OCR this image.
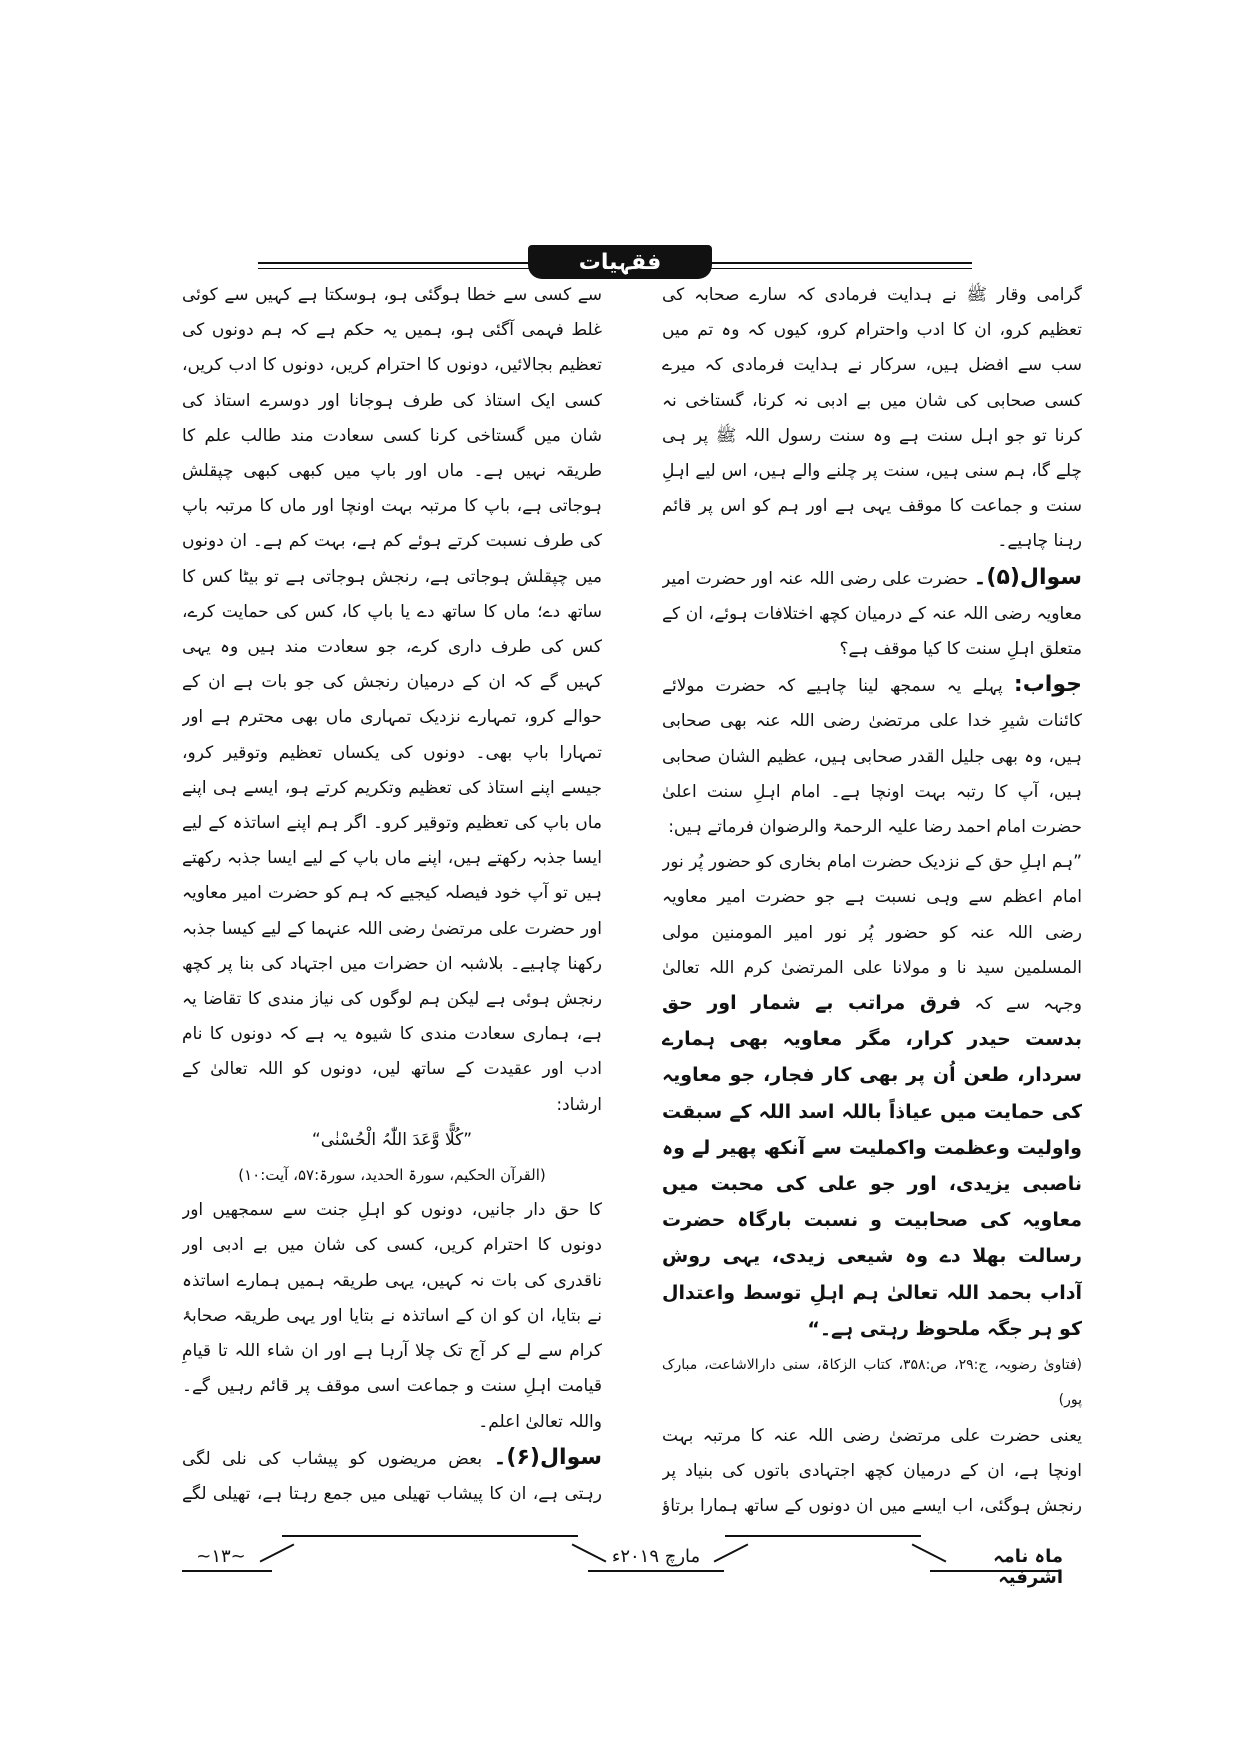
فقہیات

گرامی وقار ﷺ نے ہدایت فرمادی کہ سارے صحابہ کی تعظیم کرو، ان کا ادب واحترام کرو، کیوں کہ وہ تم میں سب سے افضل ہیں، سرکار نے ہدایت فرمادی کہ میرے کسی صحابی کی شان میں بے ادبی نہ کرنا، گستاخی نہ کرنا تو جو اہل سنت ہے وہ سنت رسول اللہ ﷺ پر ہی چلے گا، ہم سنی ہیں، سنت پر چلنے والے ہیں، اس لیے اہلِ سنت و جماعت کا موقف یہی ہے اور ہم کو اس پر قائم رہنا چاہیے۔

سوال(۵)۔ حضرت علی رضی اللہ عنہ اور حضرت امیر معاویہ رضی اللہ عنہ کے درمیان کچھ اختلافات ہوئے، ان کے متعلق اہلِ سنت کا کیا موقف ہے؟

جواب: پہلے یہ سمجھ لینا چاہیے کہ حضرت مولائے کائنات شیرِ خدا علی مرتضیٰ رضی اللہ عنہ بھی صحابی ہیں، وہ بھی جلیل القدر صحابی ہیں، عظیم الشان صحابی ہیں، آپ کا رتبہ بہت اونچا ہے۔ امام اہلِ سنت اعلیٰ حضرت امام احمد رضا علیہ الرحمۃ والرضوان فرماتے ہیں:

”ہم اہلِ حق کے نزدیک حضرت امام بخاری کو حضور پُر نور امام اعظم سے وہی نسبت ہے جو حضرت امیر معاویہ رضی اللہ عنہ کو حضور پُر نور امیر المومنین مولی المسلمین سید نا و مولانا علی المرتضیٰ کرم اللہ تعالیٰ وجہہ سے کہ فرق مراتب بے شمار اور حق بدست حیدر کرار، مگر معاویہ بھی ہمارے سردار، طعن اُن پر بھی کار فجار، جو معاویہ کی حمایت میں عیاذاً باللہ اسد اللہ کے سبقت واولیت وعظمت واکملیت سے آنکھ پھیر لے وہ ناصبی یزیدی، اور جو علی کی محبت میں معاویہ کی صحابیت و نسبت بارگاہ حضرت رسالت بھلا دے وہ شیعی زیدی، یہی روش آداب بحمد اللہ تعالیٰ ہم اہلِ توسط واعتدال کو ہر جگہ ملحوظ رہتی ہے۔“

(فتاویٰ رضویہ، ج:۲۹، ص:۳۵۸، کتاب الزکاۃ، سنی دارالاشاعت، مبارک پور)

یعنی حضرت علی مرتضیٰ رضی اللہ عنہ کا مرتبہ بہت اونچا ہے، ان کے درمیان کچھ اجتہادی باتوں کی بنیاد پر رنجش ہوگئی، اب ایسے میں ان دونوں کے ساتھ ہمارا برتاؤ

سے کسی سے خطا ہوگئی ہو، ہوسکتا ہے کہیں سے کوئی غلط فہمی آگئی ہو، ہمیں یہ حکم ہے کہ ہم دونوں کی تعظیم بجالائیں، دونوں کا احترام کریں، دونوں کا ادب کریں، کسی ایک استاذ کی طرف ہوجانا اور دوسرے استاذ کی شان میں گستاخی کرنا کسی سعادت مند طالب علم کا طریقہ نہیں ہے۔ ماں اور باپ میں کبھی کبھی چپقلش ہوجاتی ہے، باپ کا مرتبہ بہت اونچا اور ماں کا مرتبہ باپ کی طرف نسبت کرتے ہوئے کم ہے، بہت کم ہے۔ ان دونوں میں چپقلش ہوجاتی ہے، رنجش ہوجاتی ہے تو بیٹا کس کا ساتھ دے؛ ماں کا ساتھ دے یا باپ کا، کس کی حمایت کرے، کس کی طرف داری کرے، جو سعادت مند ہیں وہ یہی کہیں گے کہ ان کے درمیان رنجش کی جو بات ہے ان کے حوالے کرو، تمہارے نزدیک تمہاری ماں بھی محترم ہے اور تمہارا باپ بھی۔ دونوں کی یکساں تعظیم وتوقیر کرو، جیسے اپنے استاذ کی تعظیم وتکریم کرتے ہو، ایسے ہی اپنے ماں باپ کی تعظیم وتوقیر کرو۔ اگر ہم اپنے اساتذہ کے لیے ایسا جذبہ رکھتے ہیں، اپنے ماں باپ کے لیے ایسا جذبہ رکھتے ہیں تو آپ خود فیصلہ کیجیے کہ ہم کو حضرت امیر معاویہ اور حضرت علی مرتضیٰ رضی اللہ عنہما کے لیے کیسا جذبہ رکھنا چاہیے۔ بلاشبہ ان حضرات میں اجتہاد کی بنا پر کچھ رنجش ہوئی ہے لیکن ہم لوگوں کی نیاز مندی کا تقاضا یہ ہے، ہماری سعادت مندی کا شیوہ یہ ہے کہ دونوں کا نام ادب اور عقیدت کے ساتھ لیں، دونوں کو اللہ تعالیٰ کے ارشاد:

”كُلًّا وَّعَدَ اللّٰہُ الْحُسْنٰی“

(القرآن الحکیم، سورۃ الحدید، سورۃ:۵۷، آیت:۱۰)

کا حق دار جانیں، دونوں کو اہلِ جنت سے سمجھیں اور دونوں کا احترام کریں، کسی کی شان میں بے ادبی اور ناقدری کی بات نہ کہیں، یہی طریقہ ہمیں ہمارے اساتذہ نے بتایا، ان کو ان کے اساتذہ نے بتایا اور یہی طریقہ صحابۂ کرام سے لے کر آج تک چلا آرہا ہے اور ان شاء اللہ تا قیامِ قیامت اہلِ سنت و جماعت اسی موقف پر قائم رہیں گے۔ واللہ تعالیٰ اعلم۔

سوال(۶)۔ بعض مریضوں کو پیشاب کی نلی لگی رہتی ہے، ان کا پیشاب تھیلی میں جمع رہتا ہے، تھیلی لگے

ماہ نامہ اشرفیہ
مارچ ۲۰۱۹ء
~۱۳~
